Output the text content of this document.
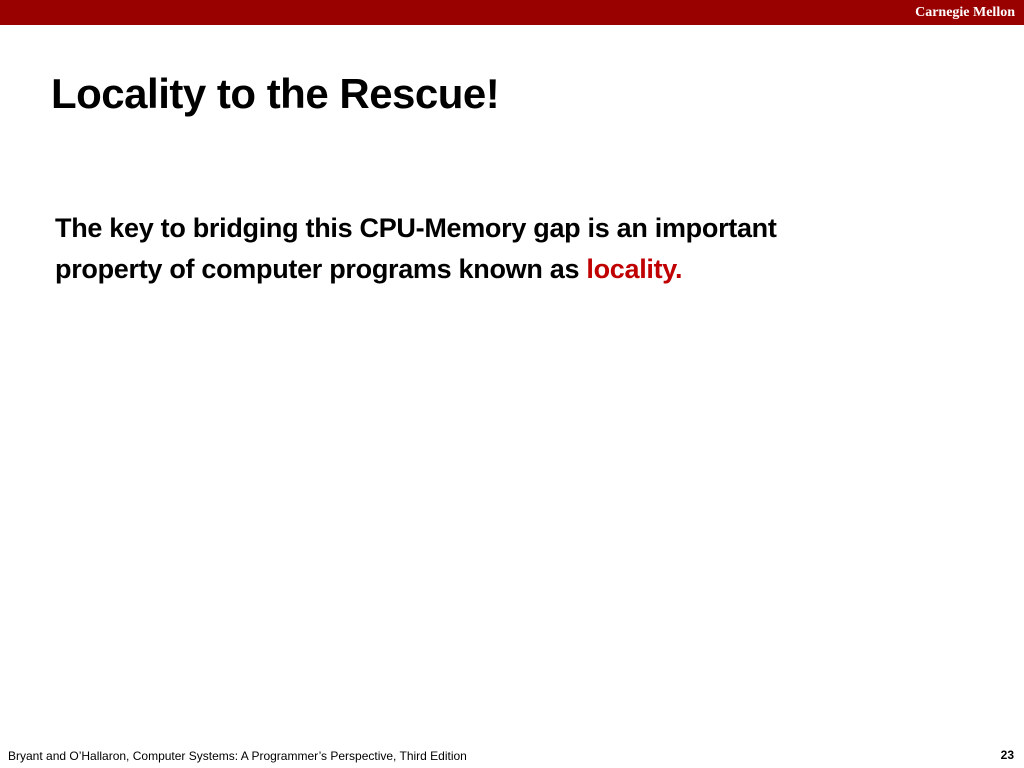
Carnegie Mellon
Locality to the Rescue!

The key to bridging this CPU-Memory gap is an important
property of computer programs known as locality.

Bryant and O’Hallaron, Computer Systems: A Programmer’s Perspective, Third Edition	23
